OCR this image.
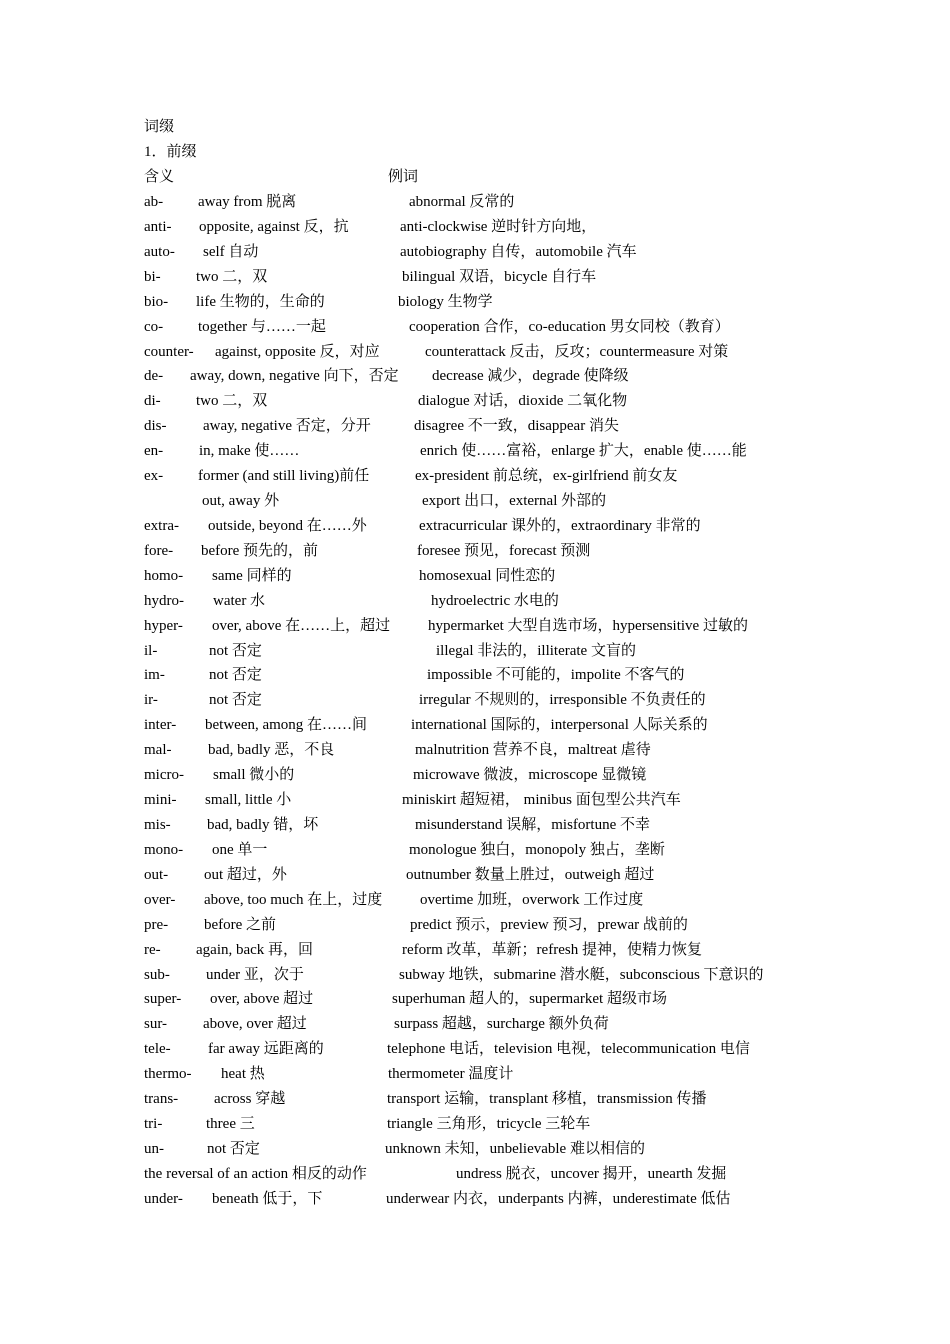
词缀
1．前缀
含义	例词
ab- away from 脱离	abnormal 反常的
anti- opposite, against 反，抗	anti-clockwise 逆时针方向地，
auto- self 自动	autobiography 自传，automobile 汽车
bi- two 二，双	bilingual 双语，bicycle 自行车
bio- life 生物的，生命的	biology 生物学
co- together 与……一起	cooperation 合作，co-education 男女同校（教育）
counter- against, opposite 反，对应	counterattack 反击，反攻；countermeasure 对策
de- away, down, negative 向下，否定 decrease 减少，degrade 使降级
di- two 二，双	dialogue 对话，dioxide 二氧化物
dis- away, negative 否定，分开	disagree 不一致，disappear 消失
en- in, make 使……	enrich 使……富裕，enlarge 扩大，enable 使……能
ex- former (and still living)前任	ex-president 前总统，ex-girlfriend 前女友
out, away 外	export 出口，external 外部的
extra- outside, beyond 在……外	extracurricular 课外的，extraordinary 非常的
fore- before 预先的，前	foresee 预见，forecast 预测
homo- same 同样的	homosexual 同性恋的
hydro- water 水	hydroelectric 水电的
hyper- over, above 在……上，超过	hypermarket 大型自选市场，hypersensitive 过敏的
il-	not 否定	illegal 非法的，illiterate 文盲的
im-	not 否定	impossible 不可能的，impolite 不客气的
ir-	not 否定	irregular 不规则的，irresponsible 不负责任的
inter- between, among 在……间	international 国际的，interpersonal 人际关系的
mal- bad, badly 恶，不良	malnutrition 营养不良，maltreat 虐待
micro- small 微小的	microwave 微波，microscope 显微镜
mini- small, little 小	miniskirt 超短裙， minibus 面包型公共汽车
mis- bad, badly 错，坏	misunderstand 误解，misfortune 不幸
mono- one 单一	monologue 独白，monopoly 独占，垄断
out- out 超过，外	outnumber 数量上胜过，outweigh 超过
over- above, too much 在上，过度	overtime 加班，overwork 工作过度
pre- before 之前	predict 预示，preview 预习，prewar 战前的
re- again, back 再，回	reform 改革，革新；refresh 提神，使精力恢复
sub- under 亚，次于	subway 地铁，submarine 潜水艇，subconscious 下意识的
super- over, above 超过	superhuman 超人的，supermarket 超级市场
sur- above, over 超过	surpass 超越，surcharge 额外负荷
tele- far away 远距离的	telephone 电话，television 电视，telecommunication 电信
thermo- heat 热	thermometer 温度计
trans- across 穿越	transport 运输，transplant 移植，transmission 传播
tri-	three 三	triangle 三角形，tricycle 三轮车
un-	not 否定	unknown 未知，unbelievable 难以相信的
the reversal of an action 相反的动作	undress 脱衣，uncover 揭开，unearth 发掘
under- beneath 低于，下	underwear 内衣，underpants 内裤，underestimate 低估
